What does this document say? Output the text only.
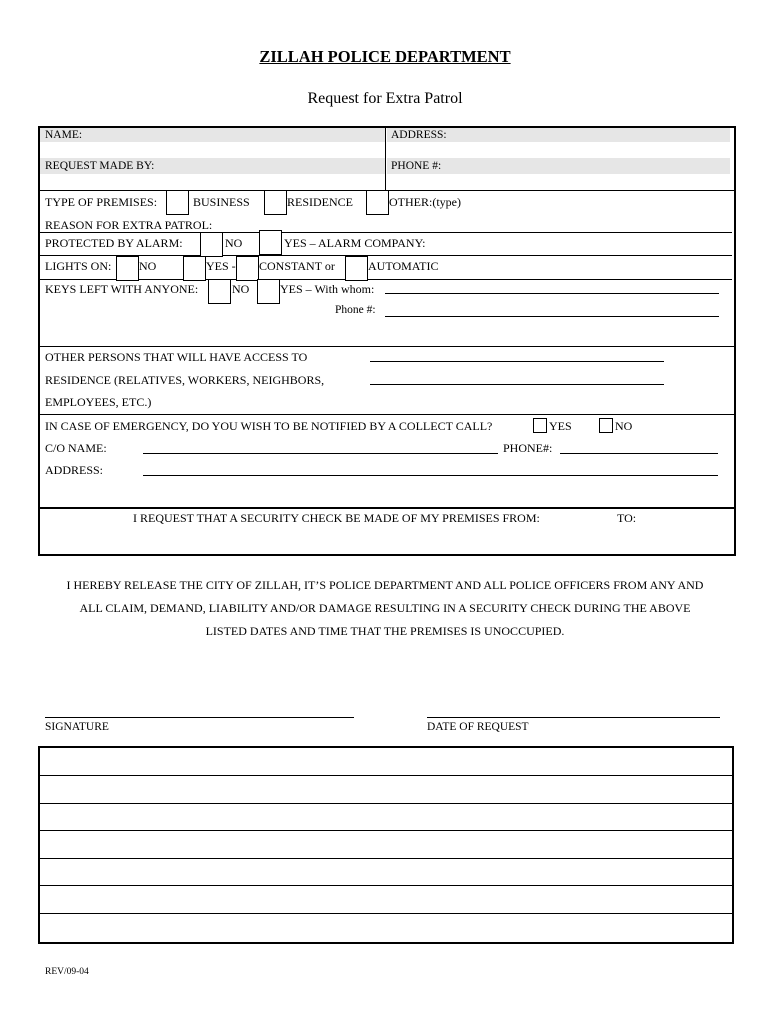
ZILLAH POLICE DEPARTMENT
Request for Extra Patrol
NAME:	ADDRESS:
REQUEST MADE BY:	PHONE #:
TYPE OF PREMISES:	BUSINESS	RESIDENCE	OTHER:(type)
REASON FOR EXTRA PATROL:
PROTECTED BY ALARM:	NO	YES – ALARM COMPANY:
LIGHTS ON: NO	YES - CONSTANT or	AUTOMATIC
KEYS LEFT WITH ANYONE:	NO	YES – With whom:
Phone #:
OTHER PERSONS THAT WILL HAVE ACCESS TO
RESIDENCE (RELATIVES, WORKERS, NEIGHBORS,
EMPLOYEES, ETC.)
IN CASE OF EMERGENCY, DO YOU WISH TO BE NOTIFIED BY A COLLECT CALL?	YES	NO
C/O NAME:	PHONE#:
ADDRESS:
I REQUEST THAT A SECURITY CHECK BE MADE OF MY PREMISES FROM:	TO:
I HEREBY RELEASE THE CITY OF ZILLAH, IT’S POLICE DEPARTMENT AND ALL POLICE OFFICERS FROM ANY AND
ALL CLAIM, DEMAND, LIABILITY AND/OR DAMAGE RESULTING IN A SECURITY CHECK DURING THE ABOVE
LISTED DATES AND TIME THAT THE PREMISES IS UNOCCUPIED.
SIGNATURE	DATE OF REQUEST
REV/09-04
